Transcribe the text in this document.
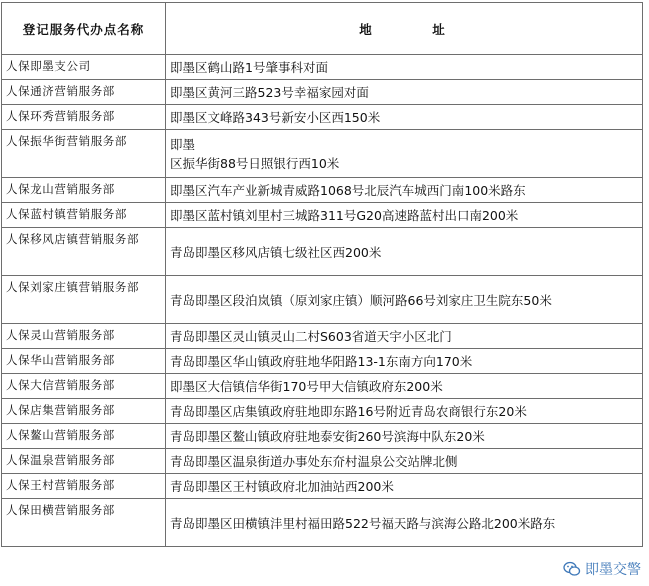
登记服务代办点名称	地　址
人保即墨支公司	即墨区鹤山路1号肇事科对面
人保通济营销服务部	即墨区黄河三路523号幸福家园对面
人保环秀营销服务部	即墨区文峰路343号新安小区西150米
人保振华街营销服务部	即墨
区振华街88号日照银行西10米
人保龙山营销服务部	即墨区汽车产业新城青威路1068号北辰汽车城西门南100米路东
人保蓝村镇营销服务部	即墨区蓝村镇刘里村三城路311号G20高速路蓝村出口南200米
人保移风店镇营销服务部	青岛即墨区移风店镇七级社区西200米
人保刘家庄镇营销服务部	青岛即墨区段泊岚镇（原刘家庄镇）顺河路66号刘家庄卫生院东50米
人保灵山营销服务部	青岛即墨区灵山镇灵山二村S603省道天宇小区北门
人保华山营销服务部	青岛即墨区华山镇政府驻地华阳路13-1东南方向170米
人保大信营销服务部	即墨区大信镇信华街170号甲大信镇政府东200米
人保店集营销服务部	青岛即墨区店集镇政府驻地即东路16号附近青岛农商银行东20米
人保鳌山营销服务部	青岛即墨区鳌山镇政府驻地泰安街260号滨海中队东20米
人保温泉营销服务部	青岛即墨区温泉街道办事处东夼村温泉公交站牌北侧
人保王村营销服务部	青岛即墨区王村镇政府北加油站西200米
人保田横营销服务部	青岛即墨区田横镇沣里村福田路522号福天路与滨海公路北200米路东
即墨交警
